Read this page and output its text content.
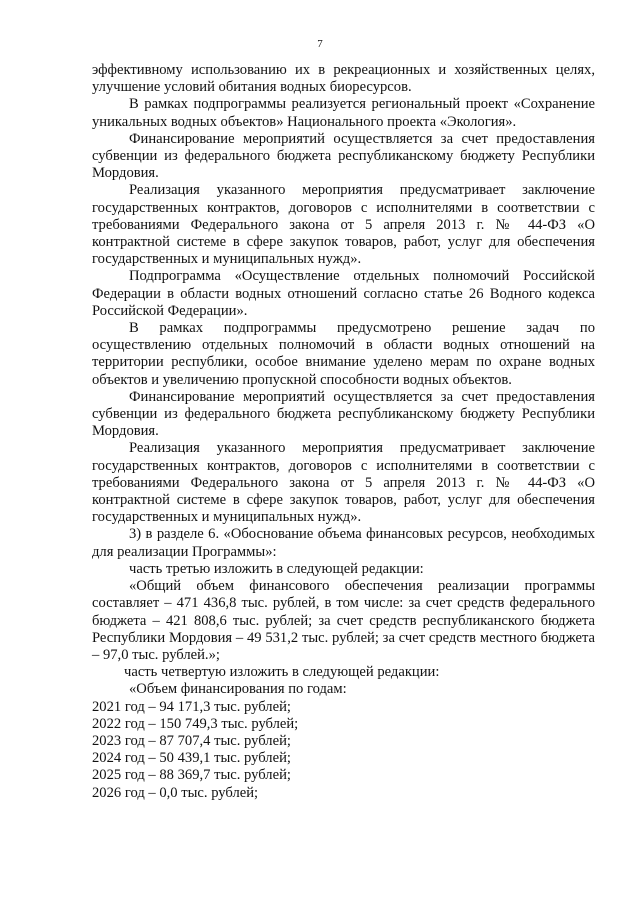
7

эффективному использованию их в рекреационных и хозяйственных целях, улучшение условий обитания водных биоресурсов.

В рамках подпрограммы реализуется региональный проект «Сохранение уникальных водных объектов» Национального проекта «Экология».

Финансирование мероприятий осуществляется за счет предоставления субвенции из федерального бюджета республиканскому бюджету Республики Мордовия.

Реализация указанного мероприятия предусматривает заключение государственных контрактов, договоров с исполнителями в соответствии с требованиями Федерального закона от 5 апреля 2013 г. № 44-ФЗ «О контрактной системе в сфере закупок товаров, работ, услуг для обеспечения государственных и муниципальных нужд».

Подпрограмма «Осуществление отдельных полномочий Российской Федерации в области водных отношений согласно статье 26 Водного кодекса Российской Федерации».

В рамках подпрограммы предусмотрено решение задач по осуществлению отдельных полномочий в области водных отношений на территории республики, особое внимание уделено мерам по охране водных объектов и увеличению пропускной способности водных объектов.

Финансирование мероприятий осуществляется за счет предоставления субвенции из федерального бюджета республиканскому бюджету Республики Мордовия.

Реализация указанного мероприятия предусматривает заключение государственных контрактов, договоров с исполнителями в соответствии с требованиями Федерального закона от 5 апреля 2013 г. № 44-ФЗ «О контрактной системе в сфере закупок товаров, работ, услуг для обеспечения государственных и муниципальных нужд».

3) в разделе 6. «Обоснование объема финансовых ресурсов, необходимых для реализации Программы»:

часть третью изложить в следующей редакции:

«Общий объем финансового обеспечения реализации программы составляет – 471 436,8 тыс. рублей, в том числе: за счет средств федерального бюджета – 421 808,6 тыс. рублей; за счет средств республиканского бюджета Республики Мордовия – 49 531,2 тыс. рублей; за счет средств местного бюджета – 97,0 тыс. рублей.»;

часть четвертую изложить в следующей редакции:

«Объем финансирования по годам:

2021 год – 94 171,3 тыс. рублей;
2022 год – 150 749,3 тыс. рублей;
2023 год – 87 707,4 тыс. рублей;
2024 год – 50 439,1 тыс. рублей;
2025 год – 88 369,7 тыс. рублей;
2026 год – 0,0 тыс. рублей;
